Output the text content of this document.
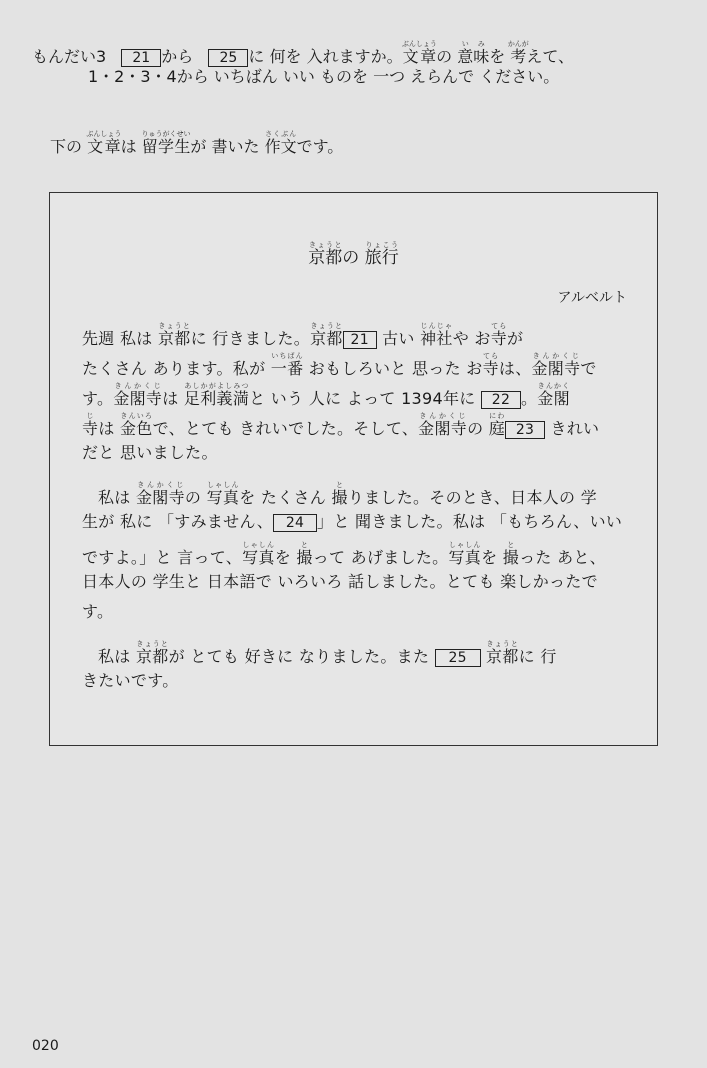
もんだい3 21 から 25 に 何を 入れますか。文章ぶんしょうの 意味いみを 考かんがえて、
1・2・3・4から いちばん いい ものを 一つ えらんで ください。
下の 文章ぶんしょうは 留学生りゅうがくせいが 書いた 作文さくぶんです。
京都きょうとの 旅行りょこう
アルベルト
先週 私は 京都きょうとに 行きました。京都きょうと21 古い 神社じんじゃや お寺てらが
たくさん あります。私が 一番いちばん おもしろいと 思った お寺てらは、金閣寺きんかくじで
す。金閣寺きんかくじは 足利義満あしかがよしみつと いう 人に よって 1394年に 22 。金閣きんかく
寺じは 金色きんいろで、とても きれいでした。そして、金閣寺きんかくじの 庭にわ23 きれい
だと 思いました。
私は 金閣寺きんかくじの 写真しゃしんを たくさん 撮とりました。そのとき、日本人の 学
生が 私に 「すみません、 24 」と 聞きました。私は 「もちろん、いい
ですよ。」と 言って、写真しゃしんを 撮とって あげました。写真しゃしんを 撮とった あと、
日本人の 学生と 日本語で いろいろ 話しました。とても 楽しかったで
す。
私は 京都きょうとが とても 好きに なりました。また 25 京都きょうとに 行
きたいです。
020
